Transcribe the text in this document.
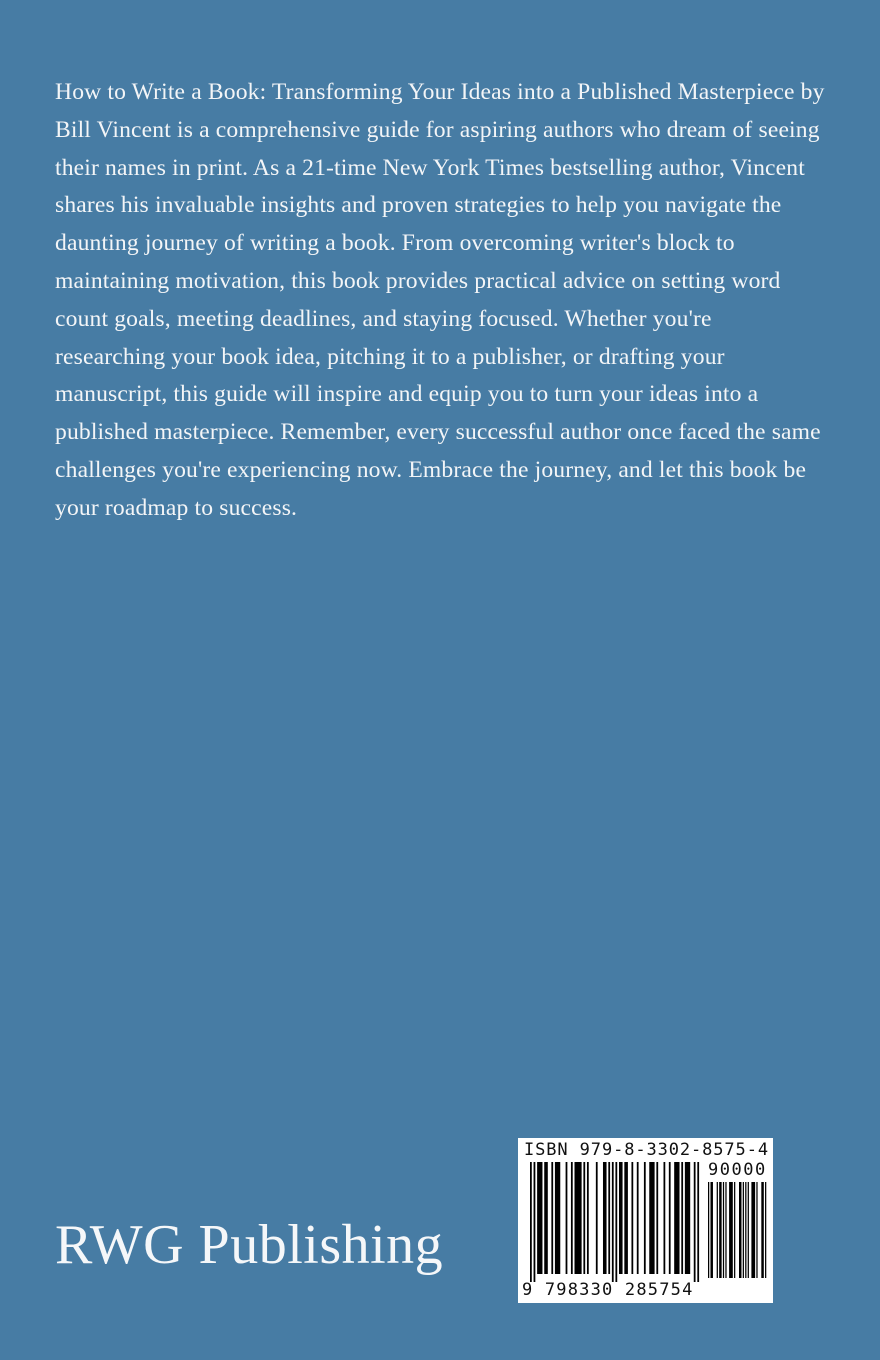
How to Write a Book: Transforming Your Ideas into a Published Masterpiece by Bill Vincent is a comprehensive guide for aspiring authors who dream of seeing their names in print. As a 21-time New York Times bestselling author, Vincent shares his invaluable insights and proven strategies to help you navigate the daunting journey of writing a book. From overcoming writer's block to maintaining motivation, this book provides practical advice on setting word count goals, meeting deadlines, and staying focused. Whether you're researching your book idea, pitching it to a publisher, or drafting your manuscript, this guide will inspire and equip you to turn your ideas into a published masterpiece. Remember, every successful author once faced the same challenges you're experiencing now. Embrace the journey, and let this book be your roadmap to success.

RWG Publishing
ISBN 979-8-3302-8575-4
90000
9 798330 285754
